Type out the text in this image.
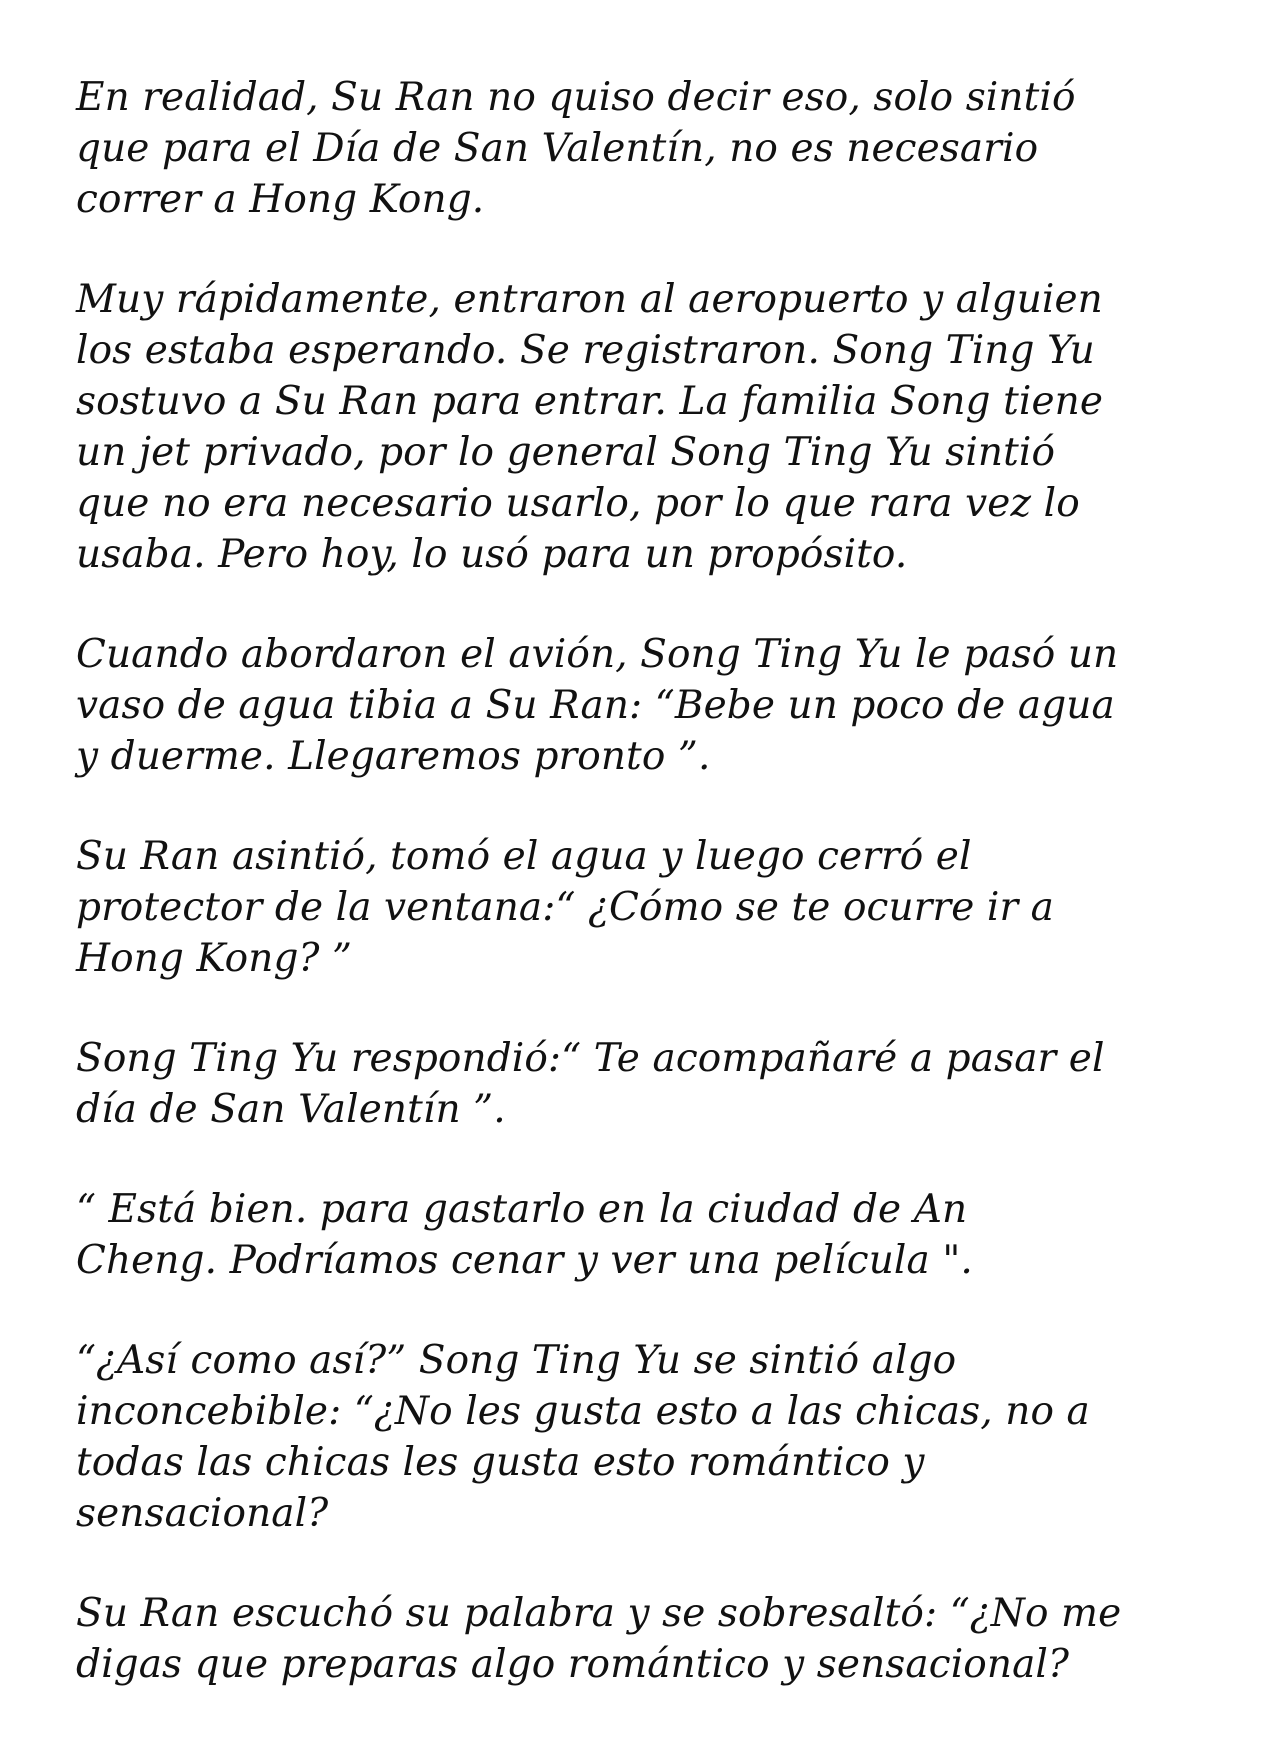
En realidad, Su Ran no quiso decir eso, solo sintió
que para el Día de San Valentín, no es necesario
correr a Hong Kong.

Muy rápidamente, entraron al aeropuerto y alguien
los estaba esperando. Se registraron. Song Ting Yu
sostuvo a Su Ran para entrar. La familia Song tiene
un jet privado, por lo general Song Ting Yu sintió
que no era necesario usarlo, por lo que rara vez lo
usaba. Pero hoy, lo usó para un propósito.

Cuando abordaron el avión, Song Ting Yu le pasó un
vaso de agua tibia a Su Ran: “Bebe un poco de agua
y duerme. Llegaremos pronto ”.

Su Ran asintió, tomó el agua y luego cerró el
protector de la ventana:“ ¿Cómo se te ocurre ir a
Hong Kong? ”

Song Ting Yu respondió:“ Te acompañaré a pasar el
día de San Valentín ”.

“ Está bien. para gastarlo en la ciudad de An
Cheng. Podríamos cenar y ver una película ".

“¿Así como así?” Song Ting Yu se sintió algo
inconcebible: “¿No les gusta esto a las chicas, no a
todas las chicas les gusta esto romántico y
sensacional?

Su Ran escuchó su palabra y se sobresaltó: “¿No me
digas que preparas algo romántico y sensacional?
